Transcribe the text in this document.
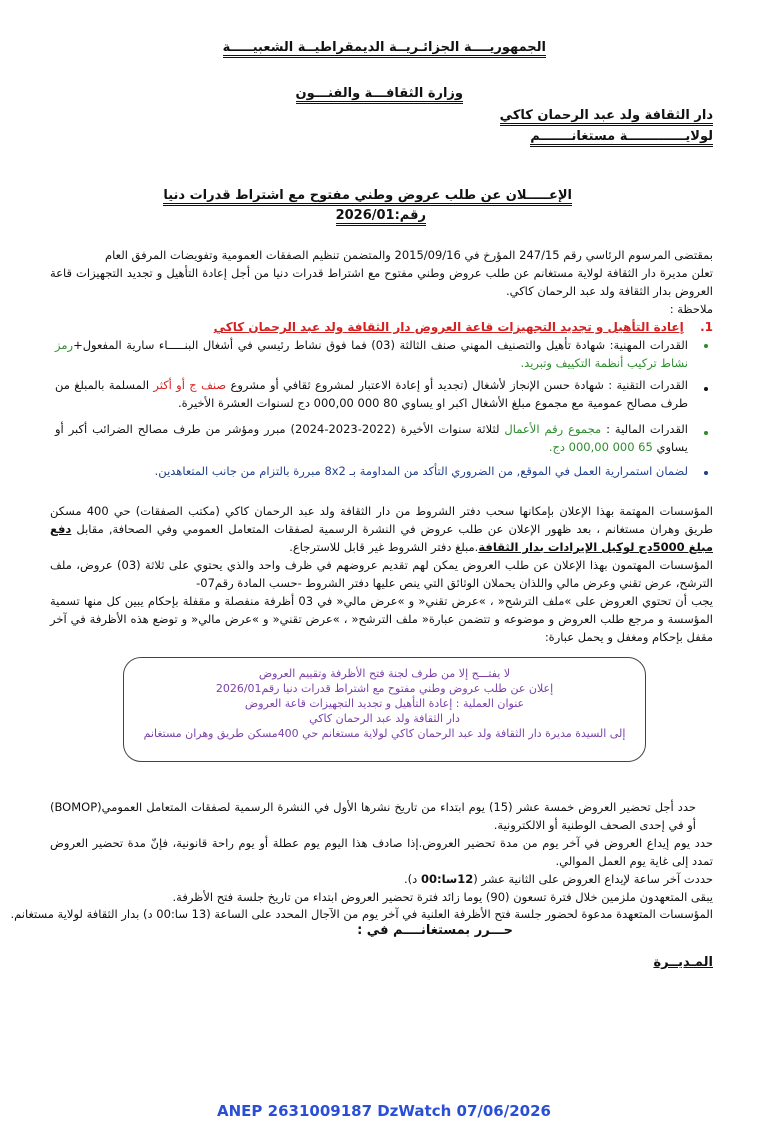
الجمهوريــــة الجزائـريــة الديمقراطيــة الشعبيـــــة
وزارة الثقافـــة والفنـــون
دار الثقافة ولد عبد الرحمان كاكي
لولايـــــــــــــة مستغانـــــــم
الإعـــــلان عن طلب عروض وطني مفتوح مع اشتراط قدرات دنيا
رقم:2026/01
بمقتضى المرسوم الرئاسي رقم 247/15 المؤرخ في 2015/09/16 والمتضمن تنظيم الصفقات العمومية وتفويضات المرفق العام
تعلن مديرة دار الثقافة لولاية مستغانم عن طلب عروض وطني مفتوح مع اشتراط قدرات دنيا من أجل إعادة التأهيل و تجديد التجهيزات قاعة العروض بدار الثقافة ولد عبد الرحمان كاكي.
ملاحظة :
1.  إعادة التأهيل و تجديد التجهيزات قاعة العروض دار الثقافة ولد عبد الرحمان كاكي
القدرات المهنية: شهادة تأهيل والتصنيف المهني صنف الثالثة (03) فما فوق نشاط رئيسي في أشغال البنـــــاء سارية المفعول+رمز نشاط تركيب أنظمة التكييف وتبريد.
القدرات التقنية : شهادة حسن الإنجاز لأشغال (تجديد أو إعادة الاعتبار لمشروع ثقافي أو مشروع صنف ج أو أكثر المسلمة بالمبلغ من طرف مصالح عمومية مع مجموع مبلغ الأشغال اكبر او يساوي 80 000 000,00 دج لسنوات العشرة الأخيرة.
القدرات المالية : مجموع رقم الأعمال لثلاثة سنوات الأخيرة (2022-2023-2024) مبرر ومؤشر من طرف مصالح الضرائب أكبر أو يساوي 65 000 000,00 دج.
لضمان استمرارية العمل في الموقع, من الضروري التأكد من المداومة بـ 8x2 مبررة بالتزام من جانب المتعاهدين.
المؤسسات المهتمة بهذا الإعلان بإمكانها سحب دفتر الشروط من دار الثقافة ولد عبد الرحمان كاكي (مكتب الصفقات) حي 400 مسكن طريق وهران مستغانم ، بعد ظهور الإعلان عن طلب عروض في النشرة الرسمية لصفقات المتعامل العمومي وفي الصحافة, مقابل دفع مبلغ 5000دج لوكيل الإيرادات بدار الثقافة.مبلغ دفتر الشروط غير قابل للاسترجاع.
المؤسسات المهتمون بهذا الإعلان عن طلب العروض يمكن لهم تقديم عروضهم في ظرف واحد والذي يحتوي على ثلاثة (03) عروض، ملف الترشح، عرض تقني وعرض مالي واللذان يحملان الوثائق التي ينص عليها دفتر الشروط -حسب المادة رقم07-
يجب أن تحتوي العروض على »ملف الترشح« ، »عرض تقني« و »عرض مالي« في 03 أظرفة منفصلة و مقفلة بإحكام يبين كل منها تسمية المؤسسة و مرجع طلب العروض و موضوعه و تتضمن عبارة« ملف الترشح« ، »عرض تقني« و »عرض مالي« و توضع هذه الأظرفة في آخر مقفل بإحكام ومغفل و يحمل عبارة:
لا يفتـــح إلا من طرف لجنة فتح الأظرفة وتقييم العروض
إعلان عن طلب عروض وطني مفتوح مع اشتراط قدرات دنيا رقم2026/01
عنوان العملية : إعادة التأهيل و تجديد التجهيزات قاعة العروض
دار الثقافة ولد عبد الرحمان كاكي
إلى السيدة مديرة دار الثقافة ولد عبد الرحمان كاكي لولاية مستغانم حي 400مسكن طريق وهران مستغانم
حدد أجل تحضير العروض خمسة عشر (15) يوم ابتداء من تاريخ نشرها الأول في النشرة الرسمية لصفقات المتعامل العمومي(BOMOP) أو في إحدى الصحف الوطنية أو الالكترونية.
حدد يوم إيداع العروض في آخر يوم من مدة تحضير العروض.إذا صادف هذا اليوم يوم عطلة أو يوم راحة قانونية، فإنّ مدة تحضير العروض تمدد إلى غاية يوم العمل الموالي.
حددت آخر ساعة لإيداع العروض على الثانية عشر (12سا:00 د).
يبقى المتعهدون ملزمين خلال فترة تسعون (90) يوما زائد فترة تحضير العروض ابتداء من تاريخ جلسة فتح الأظرفة.
المؤسسات المتعهدة مدعوة لحضور جلسة فتح الأظرفة العلنية في آخر يوم من الآجال المحدد على الساعة (13 سا:00 د) بدار الثقافة لولاية مستغانم.
حـــرر بمستغانــــم في :
المـديــرة
ANEP 2631009187 DzWatch 07/06/2026
